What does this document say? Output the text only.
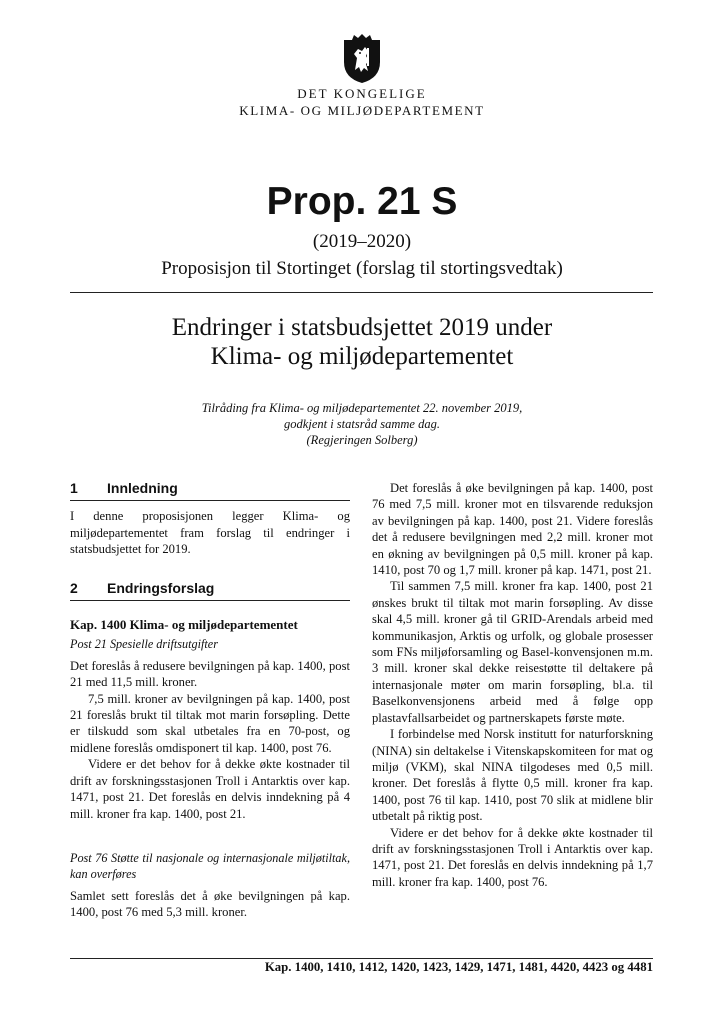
DET KONGELIGE
KLIMA- OG MILJØDEPARTEMENT
Prop. 21 S
(2019–2020)
Proposisjon til Stortinget (forslag til stortingsvedtak)
Endringer i statsbudsjettet 2019 under
Klima- og miljødepartementet
Tilråding fra Klima- og miljødepartementet 22. november 2019,
godkjent i statsråd samme dag.
(Regjeringen Solberg)
1	Innledning

I denne proposisjonen legger Klima- og miljødepartementet fram forslag til endringer i statsbudsjettet for 2019.

2	Endringsforslag

Kap. 1400 Klima- og miljødepartementet

Post 21 Spesielle driftsutgifter

Det foreslås å redusere bevilgningen på kap. 1400, post 21 med 11,5 mill. kroner.

7,5 mill. kroner av bevilgningen på kap. 1400, post 21 foreslås brukt til tiltak mot marin forsøpling. Dette er tilskudd som skal utbetales fra en 70-post, og midlene foreslås omdisponert til kap. 1400, post 76.

Videre er det behov for å dekke økte kostnader til drift av forskningsstasjonen Troll i Antarktis over kap. 1471, post 21. Det foreslås en delvis inndekning på 4 mill. kroner fra kap. 1400, post 21.

Post 76 Støtte til nasjonale og internasjonale miljøtiltak, kan overføres

Samlet sett foreslås det å øke bevilgningen på kap. 1400, post 76 med 5,3 mill. kroner.

Det foreslås å øke bevilgningen på kap. 1400, post 76 med 7,5 mill. kroner mot en tilsvarende reduksjon av bevilgningen på kap. 1400, post 21. Videre foreslås det å redusere bevilgningen med 2,2 mill. kroner mot en økning av bevilgningen på 0,5 mill. kroner på kap. 1410, post 70 og 1,7 mill. kroner på kap. 1471, post 21.

Til sammen 7,5 mill. kroner fra kap. 1400, post 21 ønskes brukt til tiltak mot marin forsøpling. Av disse skal 4,5 mill. kroner gå til GRID-Arendals arbeid med kommunikasjon, Arktis og urfolk, og globale prosesser som FNs miljøforsamling og Basel-konvensjonen m.m. 3 mill. kroner skal dekke reisestøtte til deltakere på internasjonale møter om marin forsøpling, bl.a. til Baselkonvensjonens arbeid med å følge opp plastavfallsarbeidet og partnerskapets første møte.

I forbindelse med Norsk institutt for naturforskning (NINA) sin deltakelse i Vitenskapskomiteen for mat og miljø (VKM), skal NINA tilgodeses med 0,5 mill. kroner. Det foreslås å flytte 0,5 mill. kroner fra kap. 1400, post 76 til kap. 1410, post 70 slik at midlene blir utbetalt på riktig post.

Videre er det behov for å dekke økte kostnader til drift av forskningsstasjonen Troll i Antarktis over kap. 1471, post 21. Det foreslås en delvis inndekning på 1,7 mill. kroner fra kap. 1400, post 76.

Kap. 1400, 1410, 1412, 1420, 1423, 1429, 1471, 1481, 4420, 4423 og 4481
